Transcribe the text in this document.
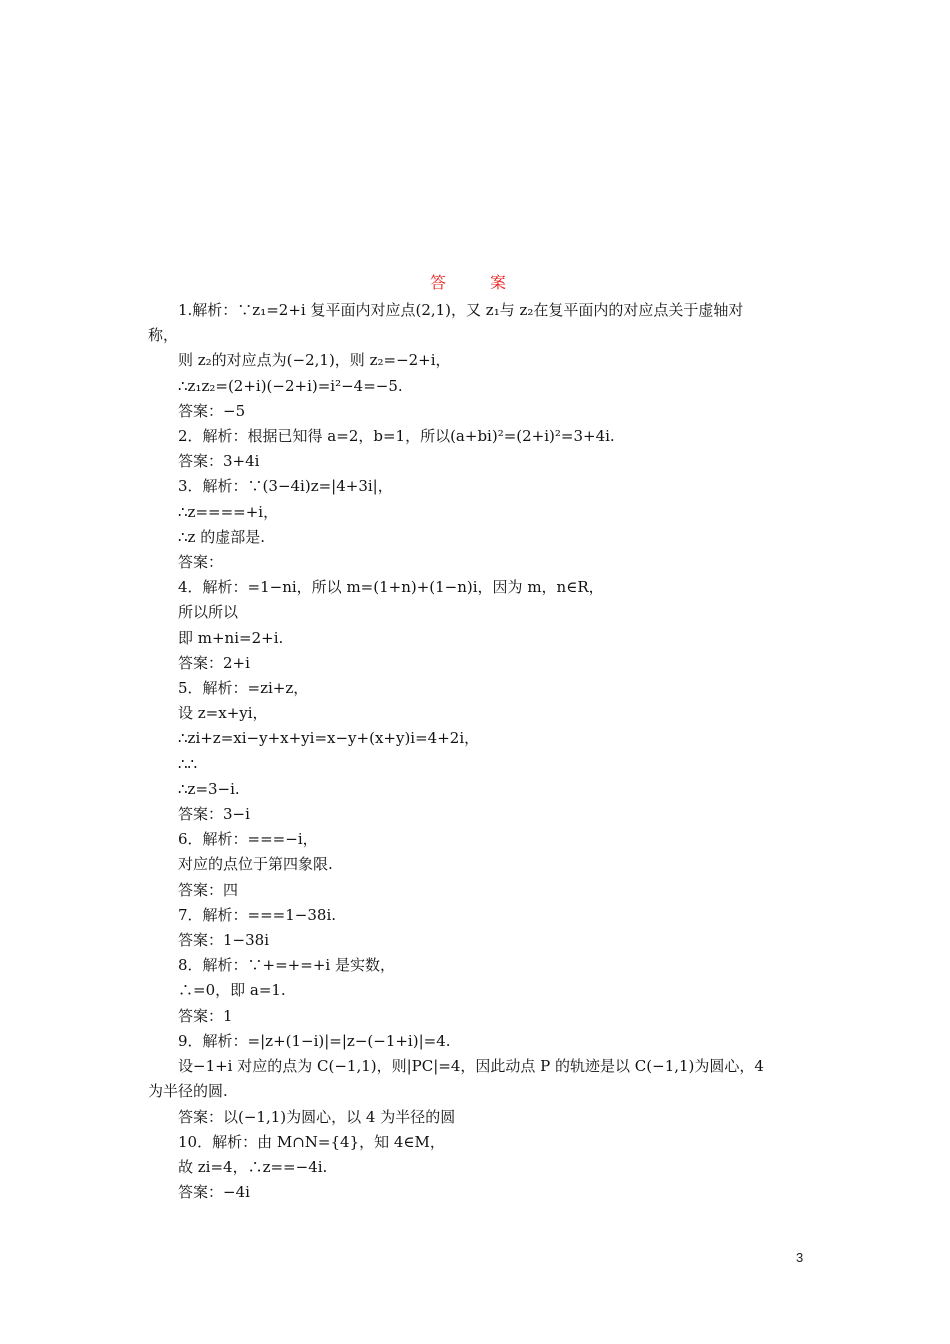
答　案

1.解析：∵z₁=2+i 复平面内对应点(2,1)，又 z₁与 z₂在复平面内的对应点关于虚轴对

称，

则 z₂的对应点为(−2,1)，则 z₂=−2+i，

∴z₁z₂=(2+i)(−2+i)=i²−4=−5.

答案：−5

2．解析：根据已知得 a=2，b=1，所以(a+bi)²=(2+i)²=3+4i.

答案：3+4i

3．解析：∵(3−4i)z=|4+3i|，

∴z====+i，

∴z 的虚部是.

答案：

4．解析：=1−ni，所以 m=(1+n)+(1−n)i，因为 m，n∈R，

所以所以

即 m+ni=2+i.

答案：2+i

5．解析：=zi+z，

设 z=x+yi，

∴zi+z=xi−y+x+yi=x−y+(x+y)i=4+2i，

∴∴

∴z=3−i.

答案：3−i

6．解析：===−i，

对应的点位于第四象限.

答案：四

7．解析：===1−38i.

答案：1−38i

8．解析：∵+=+=+i 是实数，

∴=0，即 a=1.

答案：1

9．解析：=|z+(1−i)|=|z−(−1+i)|=4.

设−1+i 对应的点为 C(−1,1)，则|PC|=4，因此动点 P 的轨迹是以 C(−1,1)为圆心，4

为半径的圆.

答案：以(−1,1)为圆心，以 4 为半径的圆

10．解析：由 M∩N={4}，知 4∈M，

故 zi=4，∴z==−4i.

答案：−4i

3
